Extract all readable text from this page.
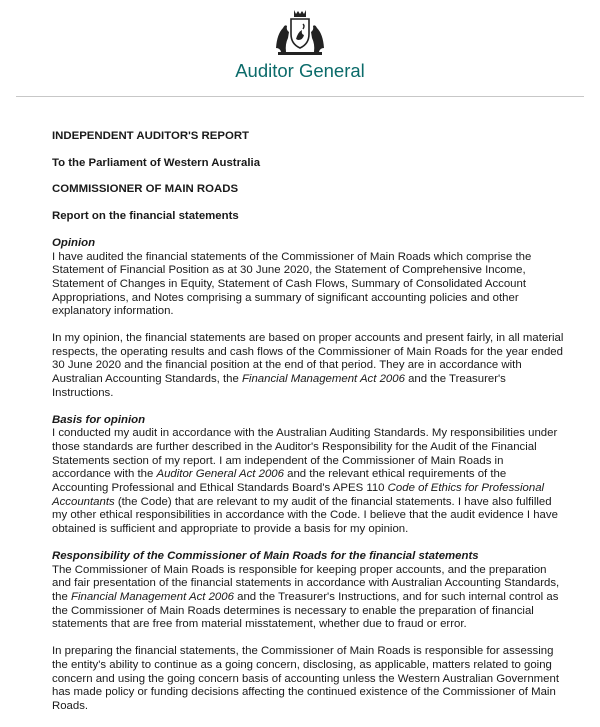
Auditor General
INDEPENDENT AUDITOR'S REPORT
To the Parliament of Western Australia
COMMISSIONER OF MAIN ROADS
Report on the financial statements
Opinion

I have audited the financial statements of the Commissioner of Main Roads which comprise the Statement of Financial Position as at 30 June 2020, the Statement of Comprehensive Income, Statement of Changes in Equity, Statement of Cash Flows, Summary of Consolidated Account Appropriations, and Notes comprising a summary of significant accounting policies and other explanatory information.

In my opinion, the financial statements are based on proper accounts and present fairly, in all material respects, the operating results and cash flows of the Commissioner of Main Roads for the year ended 30 June 2020 and the financial position at the end of that period. They are in accordance with Australian Accounting Standards, the Financial Management Act 2006 and the Treasurer's Instructions.

Basis for opinion

I conducted my audit in accordance with the Australian Auditing Standards. My responsibilities under those standards are further described in the Auditor's Responsibility for the Audit of the Financial Statements section of my report. I am independent of the Commissioner of Main Roads in accordance with the Auditor General Act 2006 and the relevant ethical requirements of the Accounting Professional and Ethical Standards Board's APES 110 Code of Ethics for Professional Accountants (the Code) that are relevant to my audit of the financial statements. I have also fulfilled my other ethical responsibilities in accordance with the Code. I believe that the audit evidence I have obtained is sufficient and appropriate to provide a basis for my opinion.

Responsibility of the Commissioner of Main Roads for the financial statements

The Commissioner of Main Roads is responsible for keeping proper accounts, and the preparation and fair presentation of the financial statements in accordance with Australian Accounting Standards, the Financial Management Act 2006 and the Treasurer's Instructions, and for such internal control as the Commissioner of Main Roads determines is necessary to enable the preparation of financial statements that are free from material misstatement, whether due to fraud or error.

In preparing the financial statements, the Commissioner of Main Roads is responsible for assessing the entity's ability to continue as a going concern, disclosing, as applicable, matters related to going concern and using the going concern basis of accounting unless the Western Australian Government has made policy or funding decisions affecting the continued existence of the Commissioner of Main Roads.
